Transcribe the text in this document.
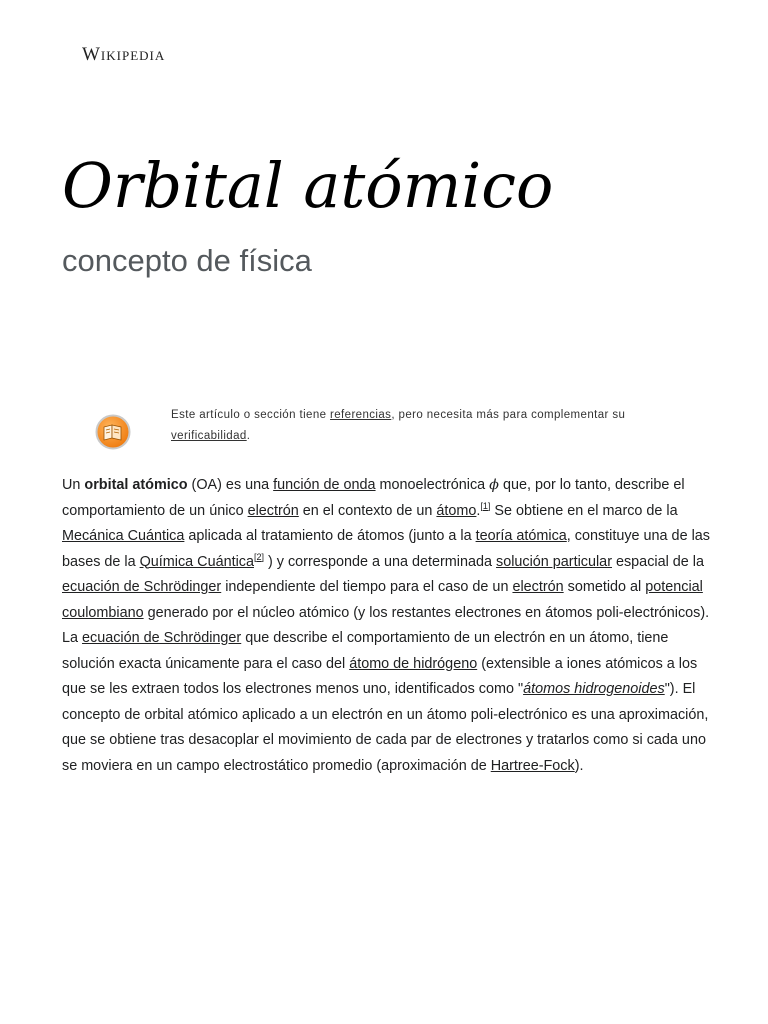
Wikipedia
Orbital atómico
concepto de física
Este artículo o sección tiene referencias, pero necesita más para complementar su verificabilidad.

Un orbital atómico (OA) es una función de onda monoelectrónica ϕ que, por lo tanto, describe el comportamiento de un único electrón en el contexto de un átomo.[1] Se obtiene en el marco de la Mecánica Cuántica aplicada al tratamiento de átomos (junto a la teoría atómica, constituye una de las bases de la Química Cuántica[2] ) y corresponde a una determinada solución particular espacial de la ecuación de Schrödinger independiente del tiempo para el caso de un electrón sometido al potencial coulombiano generado por el núcleo atómico (y los restantes electrones en átomos poli-electrónicos). La ecuación de Schrödinger que describe el comportamiento de un electrón en un átomo, tiene solución exacta únicamente para el caso del átomo de hidrógeno (extensible a iones atómicos a los que se les extraen todos los electrones menos uno, identificados como "átomos hidrogenoides"). El concepto de orbital atómico aplicado a un electrón en un átomo poli-electrónico es una aproximación, que se obtiene tras desacoplar el movimiento de cada par de electrones y tratarlos como si cada uno se moviera en un campo electrostático promedio (aproximación de Hartree-Fock).
